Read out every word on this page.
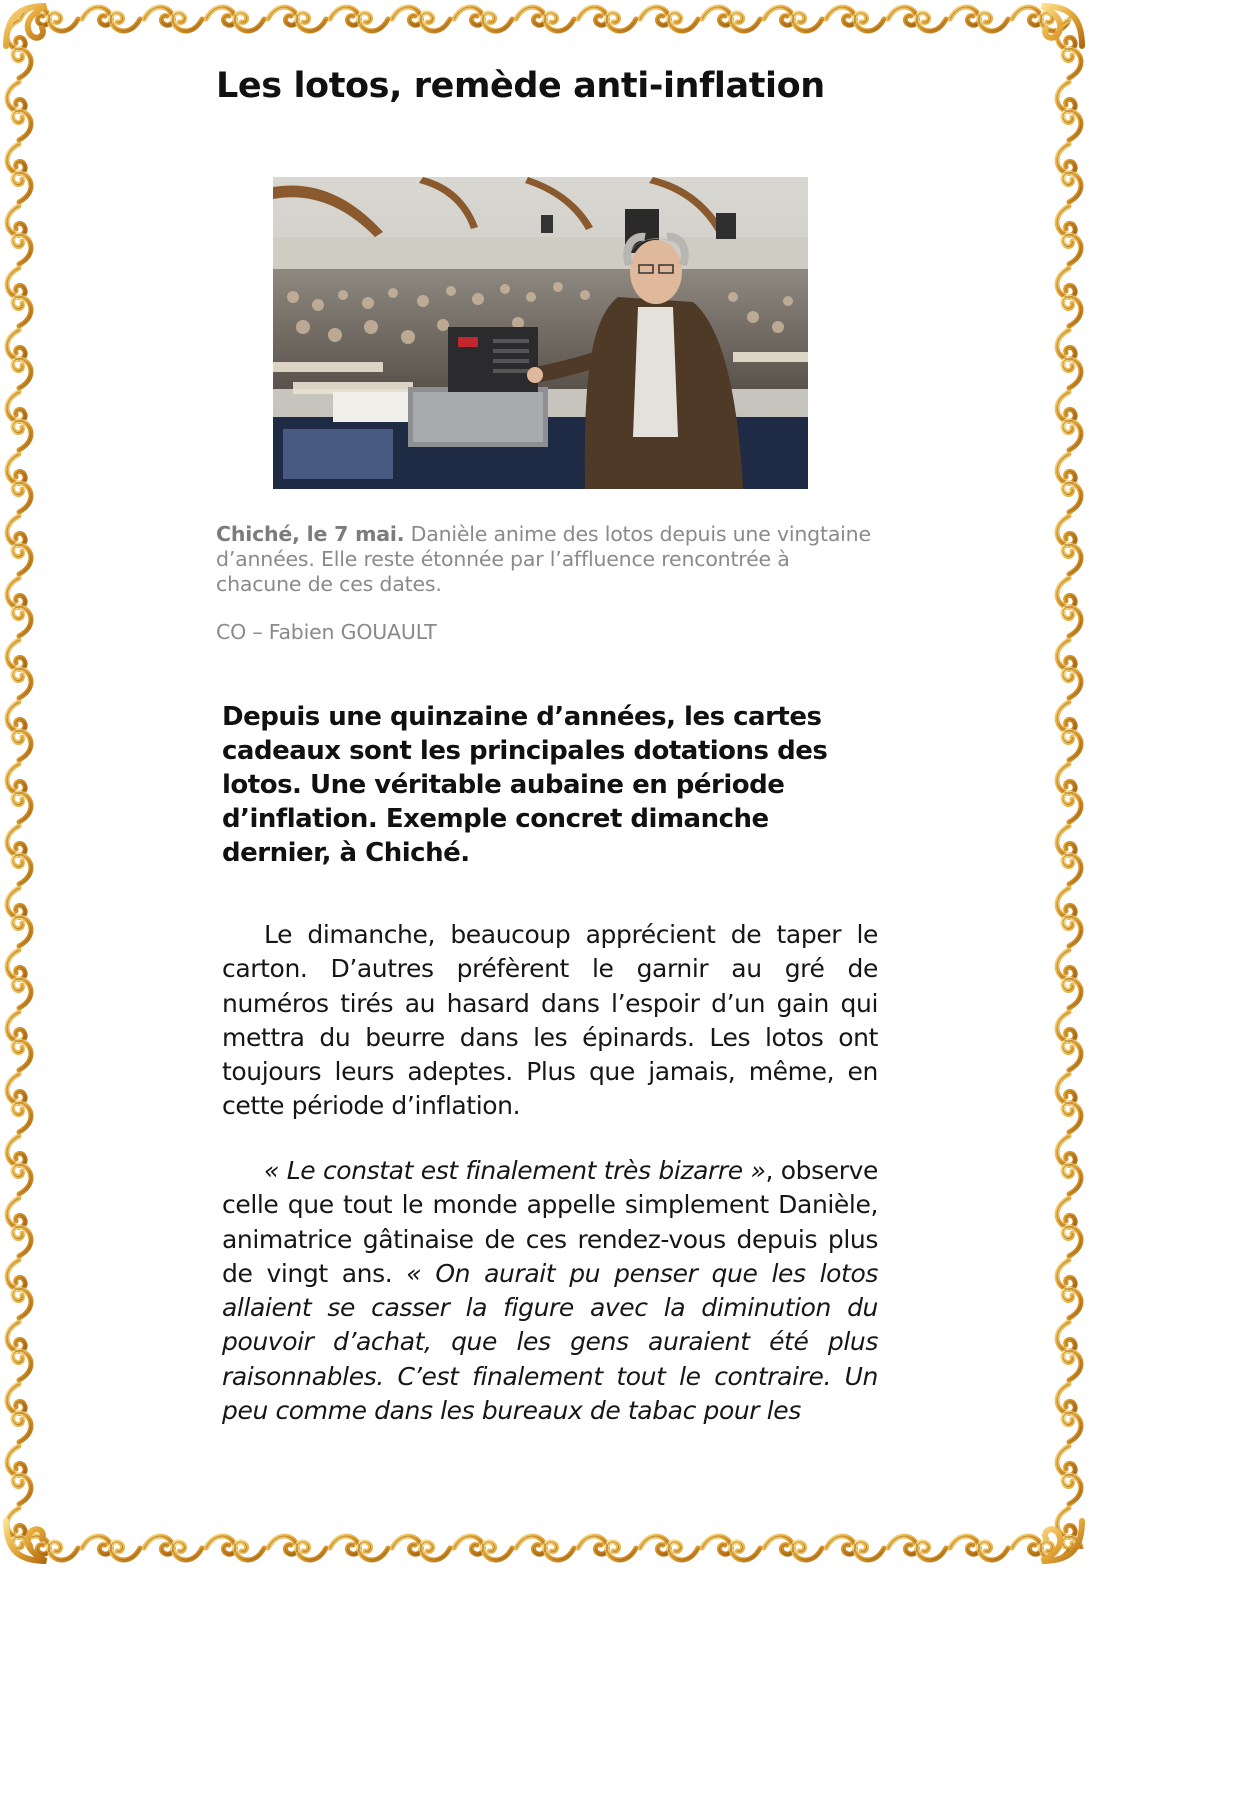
Les lotos, remède anti-inflation

Chiché, le 7 mai. Danièle anime des lotos depuis une vingtaine d’années. Elle reste étonnée par l’affluence rencontrée à chacune de ces dates.

CO – Fabien GOUAULT

Depuis une quinzaine d’années, les cartes cadeaux sont les principales dotations des lotos. Une véritable aubaine en période d’inflation. Exemple concret dimanche dernier, à Chiché.

Le dimanche, beaucoup apprécient de taper le carton. D’autres préfèrent le garnir au gré de numéros tirés au hasard dans l’espoir d’un gain qui mettra du beurre dans les épinards. Les lotos ont toujours leurs adeptes. Plus que jamais, même, en cette période d’inflation.

« Le constat est finalement très bizarre », observe celle que tout le monde appelle simplement Danièle, animatrice gâtinaise de ces rendez-vous depuis plus de vingt ans. « On aurait pu penser que les lotos allaient se casser la figure avec la diminution du pouvoir d’achat, que les gens auraient été plus raisonnables. C’est finalement tout le contraire. Un peu comme dans les bureaux de tabac pour les
